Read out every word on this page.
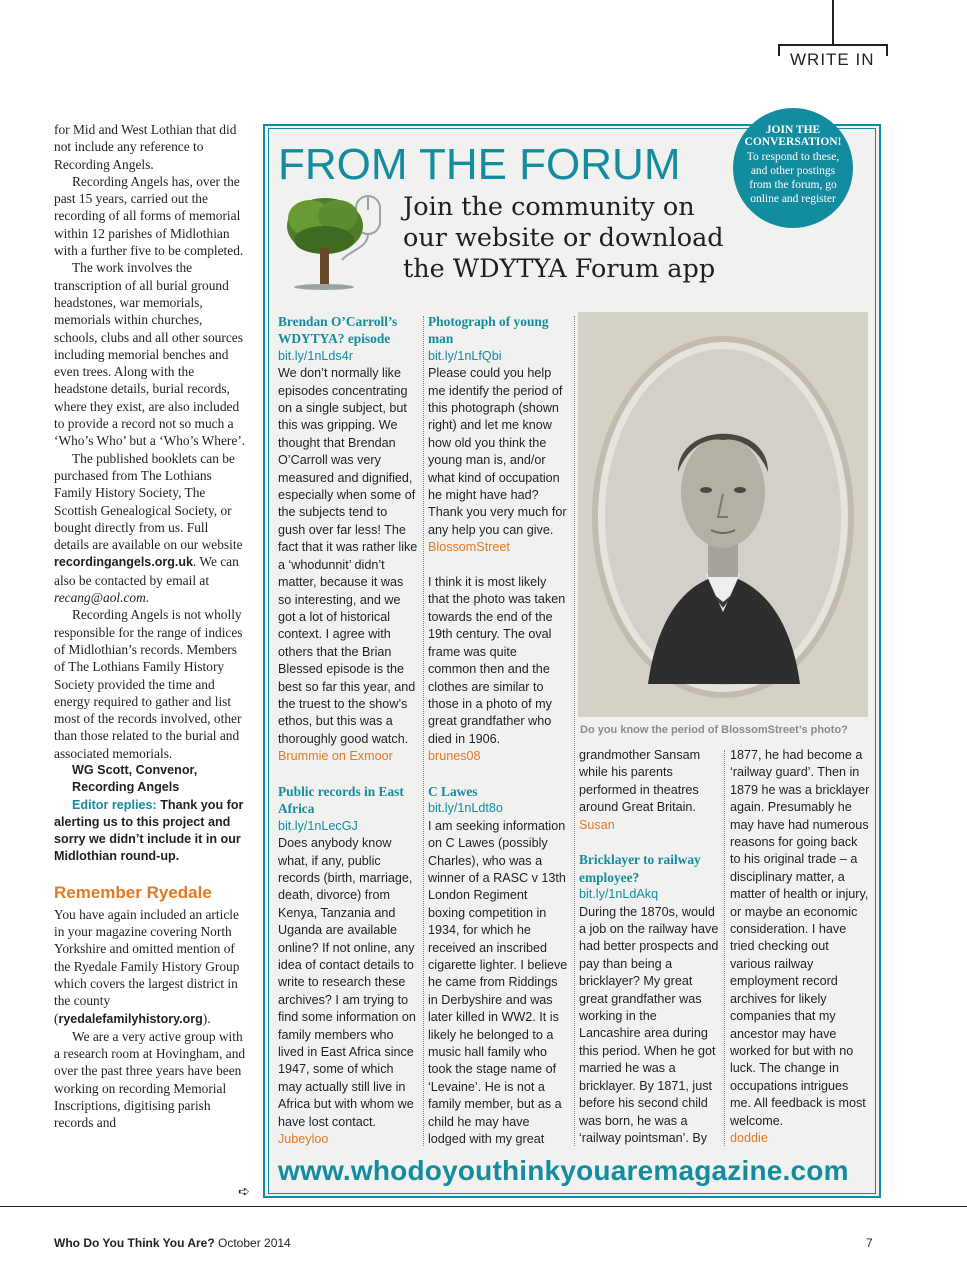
WRITE IN

for Mid and West Lothian that did not include any reference to Recording Angels.

Recording Angels has, over the past 15 years, carried out the recording of all forms of memorial within 12 parishes of Midlothian with a further five to be completed.

The work involves the transcription of all burial ground headstones, war memorials, memorials within churches, schools, clubs and all other sources including memorial benches and even trees. Along with the headstone details, burial records, where they exist, are also included to provide a record not so much a ‘Who’s Who’ but a ‘Who’s Where’.

The published booklets can be purchased from The Lothians Family History Society, The Scottish Genealogical Society, or bought directly from us. Full details are available on our website recordingangels.org.uk. We can also be contacted by email at recang@aol.com.

Recording Angels is not wholly responsible for the range of indices of Midlothian’s records. Members of The Lothians Family History Society provided the time and energy required to gather and list most of the records involved, other than those related to the burial and associated memorials.

WG Scott, Convenor,

Recording Angels

Editor replies: Thank you for alerting us to this project and sorry we didn’t include it in our Midlothian round-up.

Remember Ryedale

You have again included an article in your magazine covering North Yorkshire and omitted mention of the Ryedale Family History Group which covers the largest district in the county (ryedalefamilyhistory.org).

We are a very active group with a research room at Hovingham, and over the past three years have been working on recording Memorial Inscriptions, digitising parish records and

➪
FROM THE FORUM
Join the community on our website or download the WDYTYA Forum app
JOIN THE CONVERSATION!
To respond to these, and other postings from the forum, go online and register

Brendan O’Carroll’s WDYTYA? episode

bit.ly/1nLds4r

We don’t normally like episodes concentrating on a single subject, but this was gripping. We thought that Brendan O’Carroll was very measured and dignified, especially when some of the subjects tend to gush over far less! The fact that it was rather like a ‘whodunnit’ didn’t matter, because it was so interesting, and we got a lot of historical context. I agree with others that the Brian Blessed episode is the best so far this year, and the truest to the show’s ethos, but this was a thoroughly good watch.

Brummie on Exmoor

Public records in East Africa

bit.ly/1nLecGJ

Does anybody know what, if any, public records (birth, marriage, death, divorce) from Kenya, Tanzania and Uganda are available online? If not online, any idea of contact details to write to research these archives? I am trying to find some information on family members who lived in East Africa since 1947, some of which may actually still live in Africa but with whom we have lost contact.

Jubeyloo

Photograph of young man

bit.ly/1nLfQbi

Please could you help me identify the period of this photograph (shown right) and let me know how old you think the young man is, and/or what kind of occupation he might have had? Thank you very much for any help you can give.

BlossomStreet

I think it is most likely that the photo was taken towards the end of the 19th century. The oval frame was quite common then and the clothes are similar to those in a photo of my great grandfather who died in 1906.

brunes08

C Lawes

bit.ly/1nLdt8o

I am seeking information on C Lawes (possibly Charles), who was a winner of a RASC v 13th London Regiment boxing competition in 1934, for which he received an inscribed cigarette lighter. I believe he came from Riddings in Derbyshire and was later killed in WW2. It is likely he belonged to a music hall family who took the stage name of ‘Levaine’. He is not a family member, but as a child he may have lodged with my great

Do you know the period of BlossomStreet’s photo?

grandmother Sansam while his parents performed in theatres around Great Britain.

Susan

Bricklayer to railway employee?

bit.ly/1nLdAkq

During the 1870s, would a job on the railway have had better prospects and pay than being a bricklayer? My great great grandfather was working in the Lancashire area during this period. When he got married he was a bricklayer. By 1871, just before his second child was born, he was a ‘railway pointsman’. By

1877, he had become a ‘railway guard’. Then in 1879 he was a bricklayer again. Presumably he may have had numerous reasons for going back to his original trade – a disciplinary matter, a matter of health or injury, or maybe an economic consideration. I have tried checking out various railway employment record archives for likely companies that my ancestor may have worked for but with no luck. The change in occupations intrigues me. All feedback is most welcome.

doddie

www.whodoyouthinkyouaremagazine.com
Who Do You Think You Are? October 2014	7
